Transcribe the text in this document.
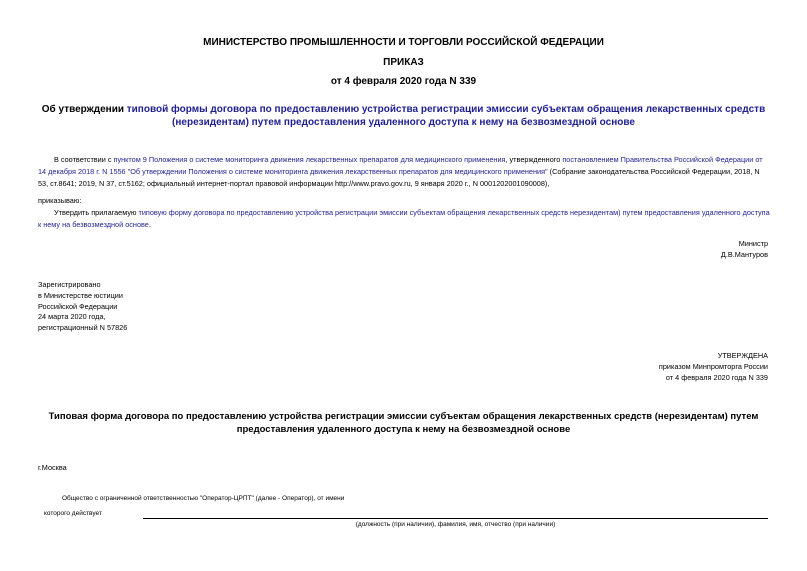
МИНИСТЕРСТВО ПРОМЫШЛЕННОСТИ И ТОРГОВЛИ РОССИЙСКОЙ ФЕДЕРАЦИИ
ПРИКАЗ
от 4 февраля 2020 года N 339
Об утверждении типовой формы договора по предоставлению устройства регистрации эмиссии субъектам обращения лекарственных средств (нерезидентам) путем предоставления удаленного доступа к нему на безвозмездной основе
В соответствии с пунктом 9 Положения о системе мониторинга движения лекарственных препаратов для медицинского применения, утвержденного постановлением Правительства Российской Федерации от 14 декабря 2018 г. N 1556 "Об утверждении Положения о системе мониторинга движения лекарственных препаратов для медицинского применения" (Собрание законодательства Российской Федерации, 2018, N 53, ст.8641; 2019, N 37, ст.5162; официальный интернет-портал правовой информации http://www.pravo.gov.ru, 9 января 2020 г., N 0001202001090008),
приказываю:
Утвердить прилагаемую типовую форму договора по предоставлению устройства регистрации эмиссии субъектам обращения лекарственных средств нерезидентам) путем предоставления удаленного доступа к нему на безвозмездной основе.
Министр
Д.В.Мантуров
Зарегистрировано
в Министерстве юстиции
Российской Федерации
24 марта 2020 года,
регистрационный N 57826
УТВЕРЖДЕНА
приказом Минпромторга России
от 4 февраля 2020 года N 339
Типовая форма договора по предоставлению устройства регистрации эмиссии субъектам обращения лекарственных средств (нерезидентам) путем
предоставления удаленного доступа к нему на безвозмездной основе
г.Москва
Общество с ограниченной ответственностью "Оператор-ЦРПТ" (далее - Оператор), от имени
которого действует
(должность (при наличии), фамилия, имя, отчество (при наличии)
